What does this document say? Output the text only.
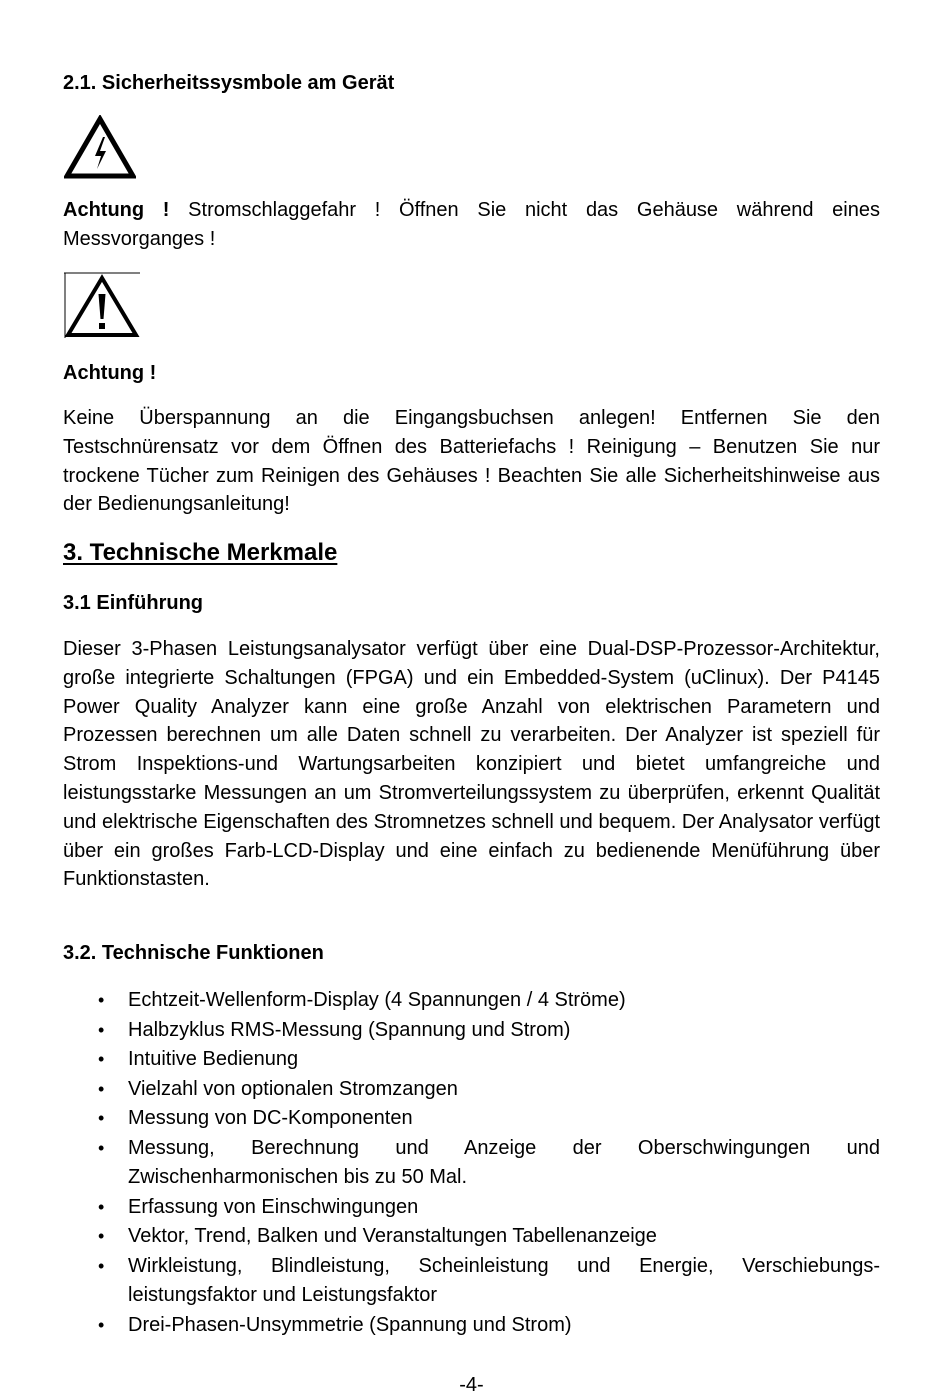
2.1. Sicherheitssysmbole am Gerät

Achtung ! Stromschlaggefahr ! Öffnen Sie nicht das Gehäuse während eines Messvorganges !

Achtung !

Keine Überspannung an die Eingangsbuchsen anlegen! Entfernen Sie den Testschnürensatz vor dem Öffnen des Batteriefachs ! Reinigung – Benutzen Sie nur trockene Tücher zum Reinigen des Gehäuses ! Beachten Sie alle Sicherheitshinweise aus der Bedienungsanleitung!

3. Technische Merkmale
3.1 Einführung

Dieser 3-Phasen Leistungsanalysator verfügt über eine Dual-DSP-Prozessor-Architektur, große integrierte Schaltungen (FPGA) und ein Embedded-System (uClinux). Der P4145 Power Quality Analyzer kann eine große Anzahl von elektrischen Parametern und Prozessen berechnen um alle Daten schnell zu verarbeiten. Der Analyzer ist speziell für Strom Inspektions-und Wartungsarbeiten konzipiert und bietet umfangreiche und leistungsstarke Messungen an um Stromverteilungssystem zu überprüfen, erkennt Qualität und elektrische Eigenschaften des Stromnetzes schnell und bequem. Der Analysator verfügt über ein großes Farb-LCD-Display und eine einfach zu bedienende Menüführung über Funktionstasten.

3.2. Technische Funktionen
• Echtzeit-Wellenform-Display (4 Spannungen / 4 Ströme)
• Halbzyklus RMS-Messung (Spannung und Strom)
• Intuitive Bedienung
• Vielzahl von optionalen Stromzangen
• Messung von DC-Komponenten
• Messung, Berechnung und Anzeige der Oberschwingungen und Zwischenharmonischen bis zu 50 Mal.
• Erfassung von Einschwingungen
• Vektor, Trend, Balken und Veranstaltungen Tabellenanzeige
• Wirkleistung, Blindleistung, Scheinleistung und Energie, Verschiebungs-leistungsfaktor und Leistungsfaktor
• Drei-Phasen-Unsymmetrie (Spannung und Strom)
-4-
